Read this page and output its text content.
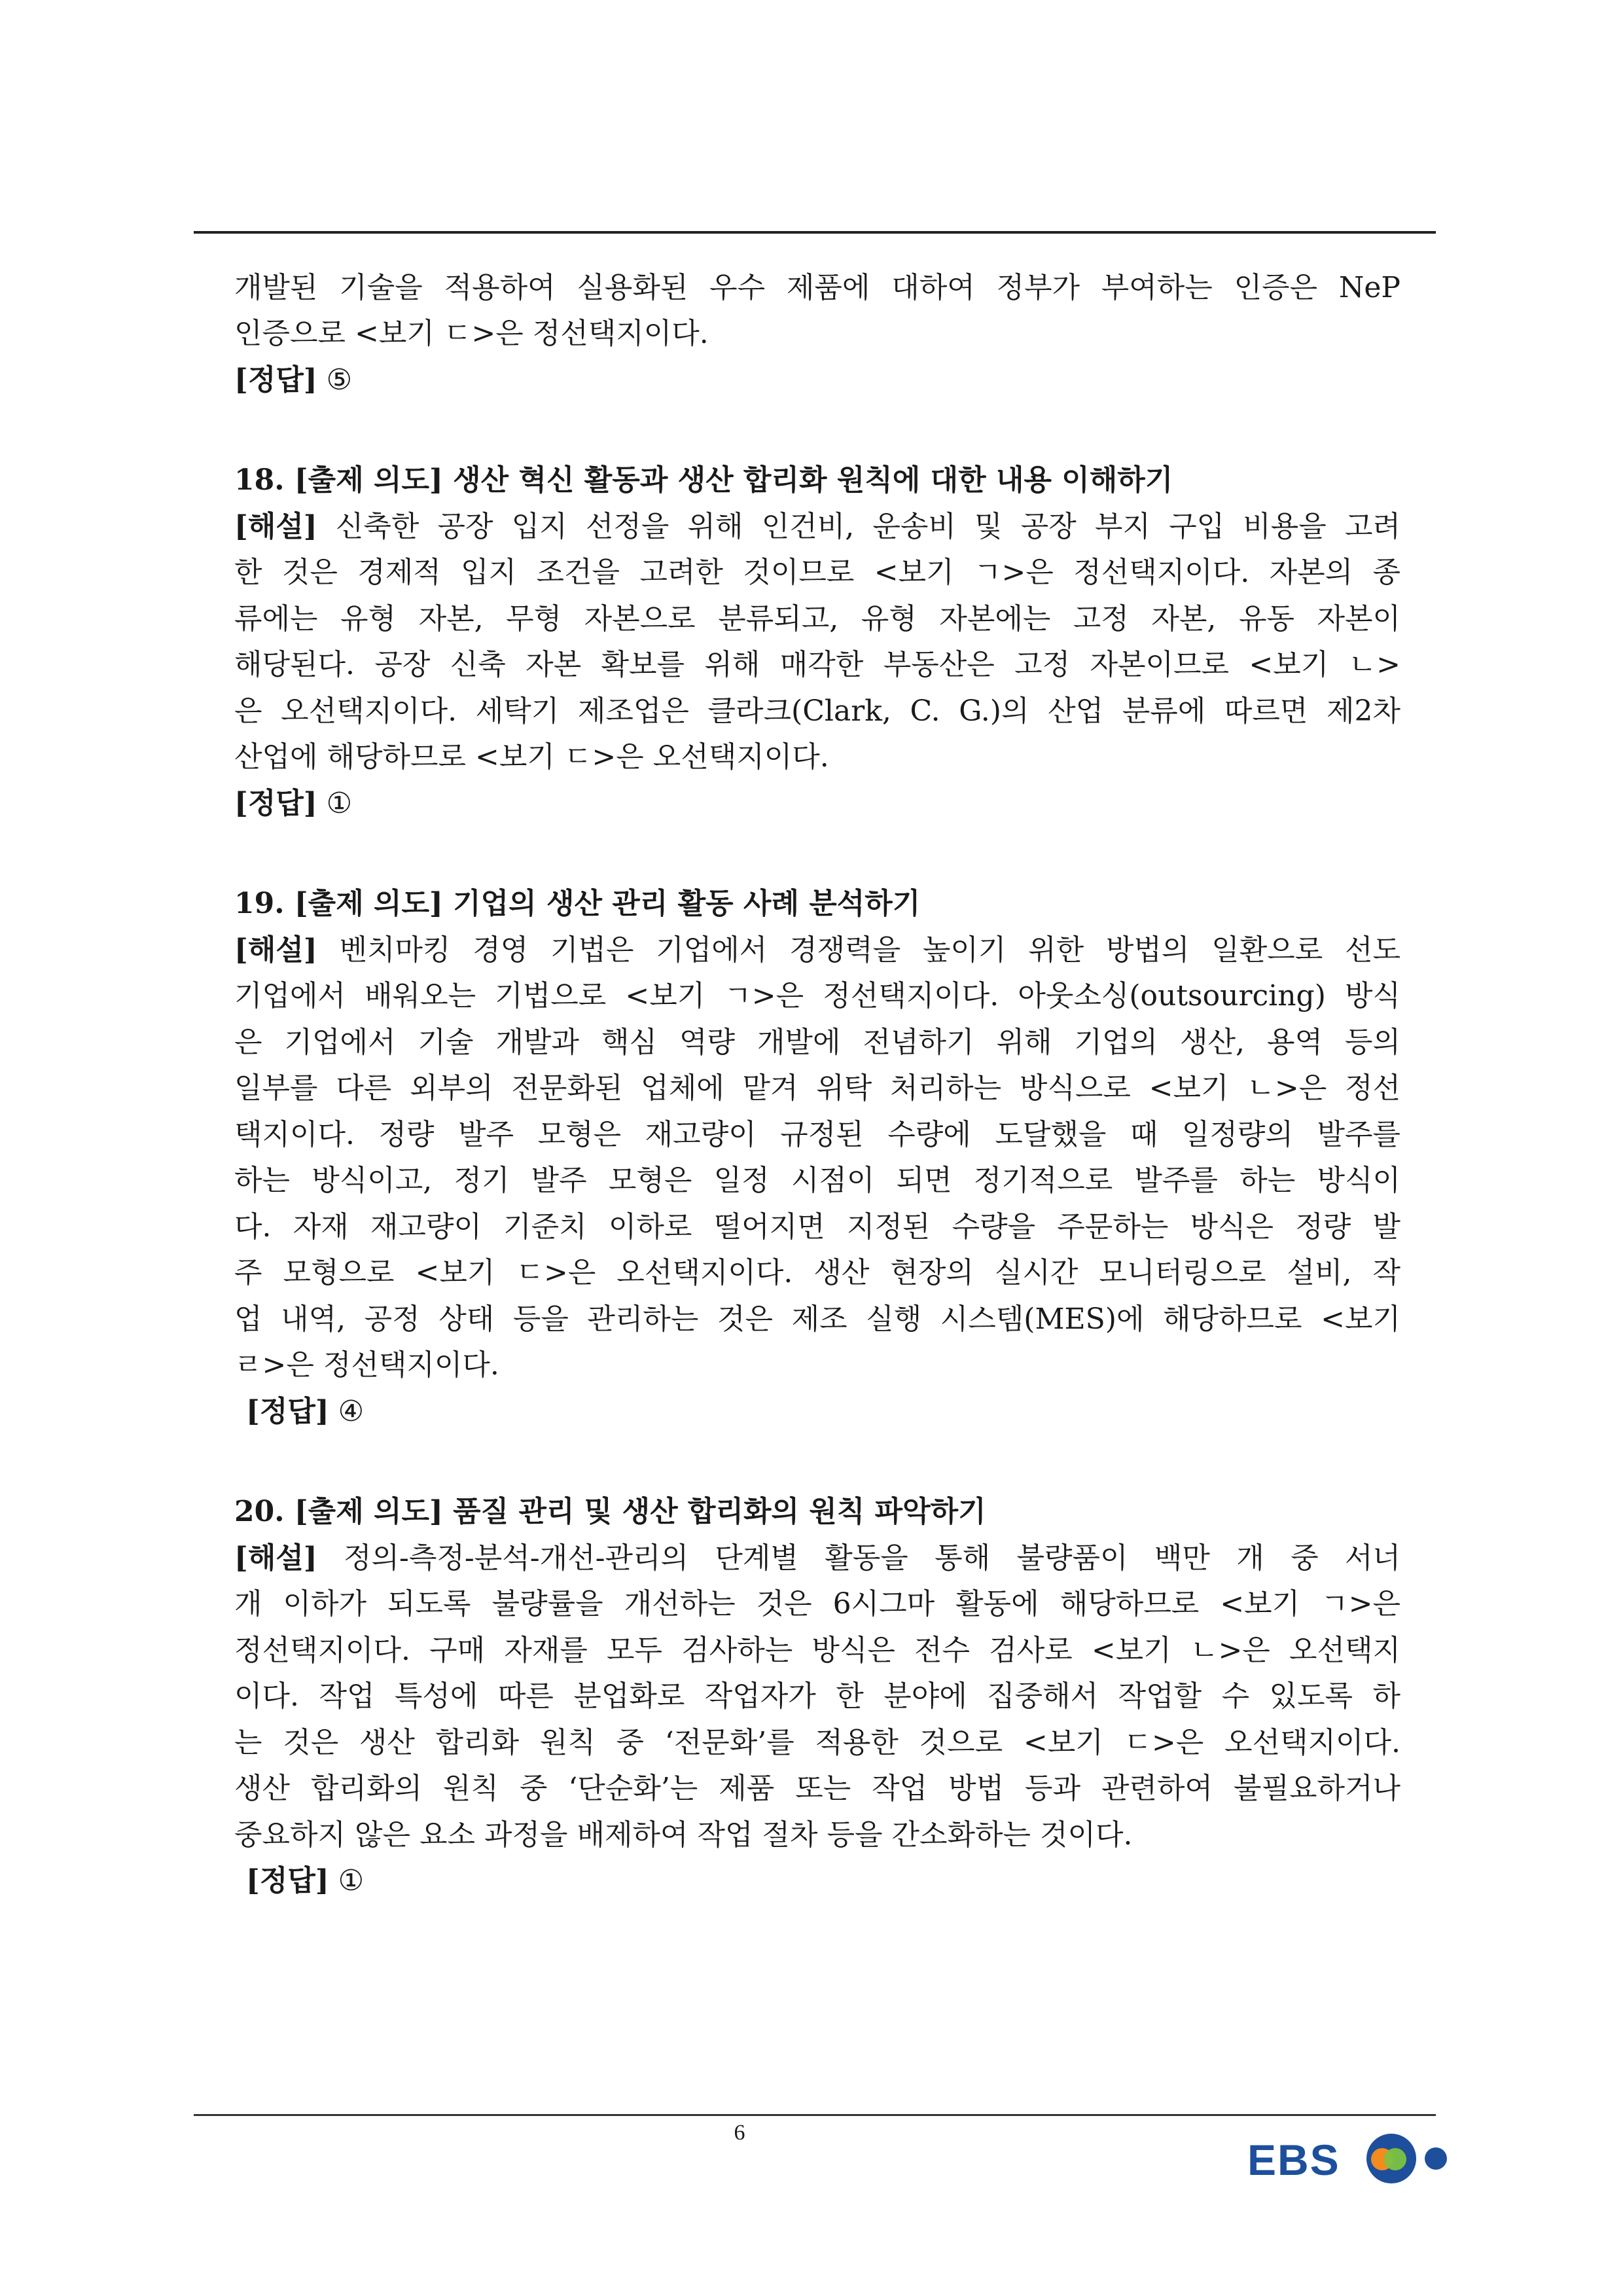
개발된 기술을 적용하여 실용화된 우수 제품에 대하여 정부가 부여하는 인증은 NeP
인증으로 <보기 ㄷ>은 정선택지이다.
[정답] ⑤
18. [출제 의도] 생산 혁신 활동과 생산 합리화 원칙에 대한 내용 이해하기
[해설] 신축한 공장 입지 선정을 위해 인건비, 운송비 및 공장 부지 구입 비용을 고려
한 것은 경제적 입지 조건을 고려한 것이므로 <보기 ㄱ>은 정선택지이다. 자본의 종
류에는 유형 자본, 무형 자본으로 분류되고, 유형 자본에는 고정 자본, 유동 자본이
해당된다. 공장 신축 자본 확보를 위해 매각한 부동산은 고정 자본이므로 <보기 ㄴ>
은 오선택지이다. 세탁기 제조업은 클라크(Clark, C. G.)의 산업 분류에 따르면 제2차
산업에 해당하므로 <보기 ㄷ>은 오선택지이다.
[정답] ①
19. [출제 의도] 기업의 생산 관리 활동 사례 분석하기
[해설] 벤치마킹 경영 기법은 기업에서 경쟁력을 높이기 위한 방법의 일환으로 선도
기업에서 배워오는 기법으로 <보기 ㄱ>은 정선택지이다. 아웃소싱(outsourcing) 방식
은 기업에서 기술 개발과 핵심 역량 개발에 전념하기 위해 기업의 생산, 용역 등의
일부를 다른 외부의 전문화된 업체에 맡겨 위탁 처리하는 방식으로 <보기 ㄴ>은 정선
택지이다. 정량 발주 모형은 재고량이 규정된 수량에 도달했을 때 일정량의 발주를
하는 방식이고, 정기 발주 모형은 일정 시점이 되면 정기적으로 발주를 하는 방식이
다. 자재 재고량이 기준치 이하로 떨어지면 지정된 수량을 주문하는 방식은 정량 발
주 모형으로 <보기 ㄷ>은 오선택지이다. 생산 현장의 실시간 모니터링으로 설비, 작
업 내역, 공정 상태 등을 관리하는 것은 제조 실행 시스템(MES)에 해당하므로 <보기
ㄹ>은 정선택지이다.
[정답] ④
20. [출제 의도] 품질 관리 및 생산 합리화의 원칙 파악하기
[해설] 정의-측정-분석-개선-관리의 단계별 활동을 통해 불량품이 백만 개 중 서너
개 이하가 되도록 불량률을 개선하는 것은 6시그마 활동에 해당하므로 <보기 ㄱ>은
정선택지이다. 구매 자재를 모두 검사하는 방식은 전수 검사로 <보기 ㄴ>은 오선택지
이다. 작업 특성에 따른 분업화로 작업자가 한 분야에 집중해서 작업할 수 있도록 하
는 것은 생산 합리화 원칙 중 ‘전문화’를 적용한 것으로 <보기 ㄷ>은 오선택지이다.
생산 합리화의 원칙 중 ‘단순화’는 제품 또는 작업 방법 등과 관련하여 불필요하거나
중요하지 않은 요소 과정을 배제하여 작업 절차 등을 간소화하는 것이다.
[정답] ①
6
EBS
